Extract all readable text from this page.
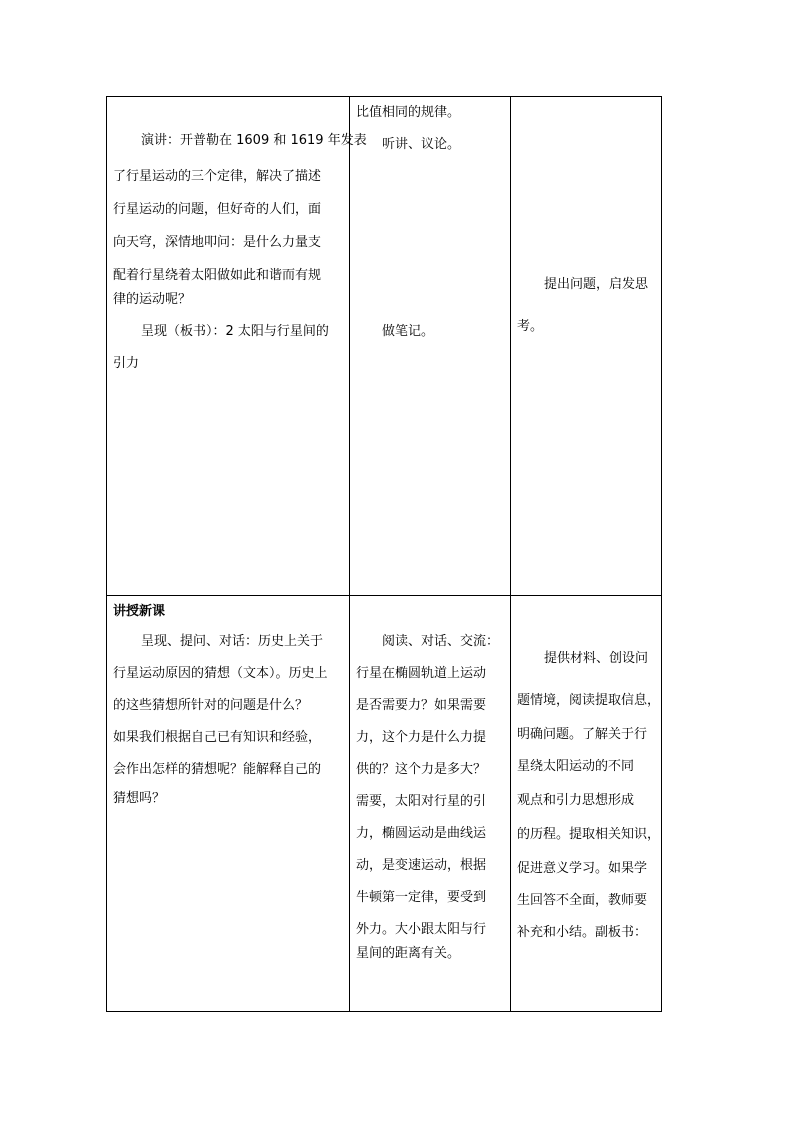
演讲：开普勒在 1609 和 1619 年发表
了行星运动的三个定律，解决了描述
行星运动的问题，但好奇的人们，面
向天穹，深情地叩问：是什么力量支
配着行星绕着太阳做如此和谐而有规
律的运动呢？
呈现（板书）：2 太阳与行星间的
引力
比值相同的规律。
听讲、议论。
做笔记。
提出问题，启发思
考。
讲授新课
呈现、提问、对话：历史上关于
行星运动原因的猜想（文本）。历史上
的这些猜想所针对的问题是什么？
如果我们根据自己已有知识和经验，
会作出怎样的猜想呢？能解释自己的
猜想吗？
阅读、对话、交流：
行星在椭圆轨道上运动
是否需要力？如果需要
力，这个力是什么力提
供的？这个力是多大？
需要，太阳对行星的引
力，椭圆运动是曲线运
动，是变速运动，根据
牛顿第一定律，要受到
外力。大小跟太阳与行
星间的距离有关。
提供材料、创设问
题情境，阅读提取信息，
明确问题。了解关于行
星绕太阳运动的不同
观点和引力思想形成
的历程。提取相关知识，
促进意义学习。如果学
生回答不全面，教师要
补充和小结。副板书：
